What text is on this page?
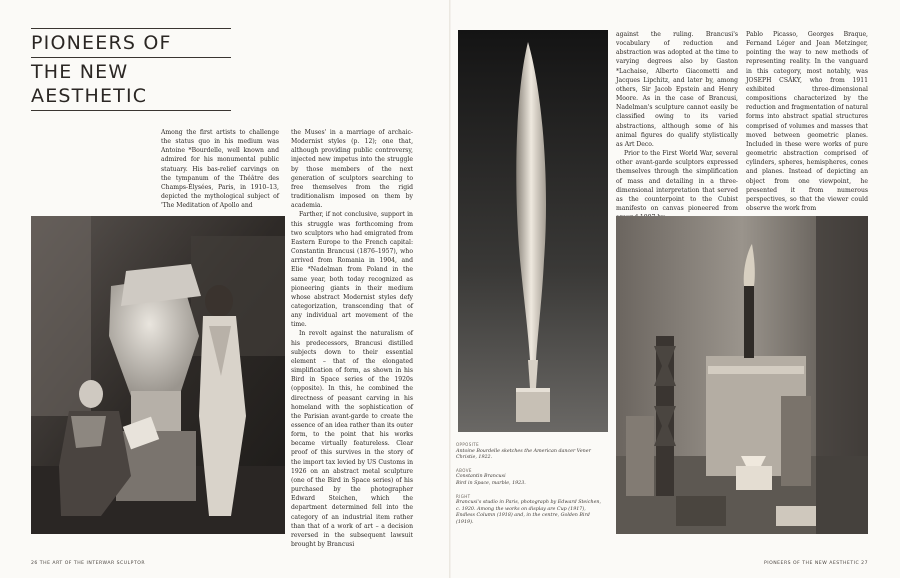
PIONEERS OF
THE NEW AESTHETIC

Among the first artists to challenge the status quo in his medium was Antoine *Bourdelle, well known and admired for his monumental public statuary. His bas-relief carvings on the tympanum of the Théâtre des Champs-Élysées, Paris, in 1910–13, depicted the mythological subject of 'The Meditation of Apollo and

the Muses' in a marriage of archaic-Modernist styles (p. 12); one that, although providing public controversy, injected new impetus into the struggle by those members of the next generation of sculptors searching to free themselves from the rigid traditionalism imposed on them by academia.

Farther, if not conclusive, support in this struggle was forthcoming from two sculptors who had emigrated from Eastern Europe to the French capital: Constantin Brancusi (1876–1957), who arrived from Romania in 1904, and Elie *Nadelman from Poland in the same year, both today recognized as pioneering giants in their medium whose abstract Modernist styles defy categorization, transcending that of any individual art movement of the time.

In revolt against the naturalism of his predecessors, Brancusi distilled subjects down to their essential element – that of the elongated simplification of form, as shown in his Bird in Space series of the 1920s (opposite). In this, he combined the directness of peasant carving in his homeland with the sophistication of the Parisian avant-garde to create the essence of an idea rather than its outer form, to the point that his works became virtually featureless. Clear proof of this survives in the story of the import tax levied by US Customs in 1926 on an abstract metal sculpture (one of the Bird in Space series) of his purchased by the photographer Edward Steichen, which the department determined fell into the category of an industrial item rather than that of a work of art – a decision reversed in the subsequent lawsuit brought by Brancusi

against the ruling. Brancusi's vocabulary of reduction and abstraction was adopted at the time to varying degrees also by Gaston *Lachaise, Alberto Giacometti and Jacques Lipchitz, and later by, among others, Sir Jacob Epstein and Henry Moore. As in the case of Brancusi, Nadelman's sculpture cannot easily be classified owing to its varied abstractions, although some of his animal figures do qualify stylistically as Art Deco.

Prior to the First World War, several other avant-garde sculptors expressed themselves through the simplification of mass and detailing in a three-dimensional interpretation that served as the counterpoint to the Cubist manifesto on canvas pioneered from

Pablo Picasso, Georges Braque, Fernand Léger and Jean Metzinger, pointing the way to new methods of representing reality. In the vanguard in this category, most notably, was JOSEPH CSÁKY, who from 1911 exhibited three-dimensional compositions characterized by the reduction and fragmentation of natural forms into abstract spatial structures comprised of volumes and masses that moved between geometric planes. Included in these were works of pure geometric abstraction comprised of cylinders, spheres, hemispheres, cones and planes. Instead of depicting an object from one viewpoint, he presented it from numerous perspectives, so that the viewer could observe the work from

OPPOSITE
Antoine Bourdelle sketches the American dancer Vener Christie, 1922.
ABOVE
Constantin Brancusi
Bird in Space, marble, 1923.
RIGHT
Brancusi's studio in Paris, photograph by Edward Steichen, c. 1920. Among the works on display are Cup (1917), Endless Column (1918) and, in the centre, Golden Bird (1919).
26 THE ART OF THE INTERWAR SCULPTOR	PIONEERS OF THE NEW AESTHETIC 27
